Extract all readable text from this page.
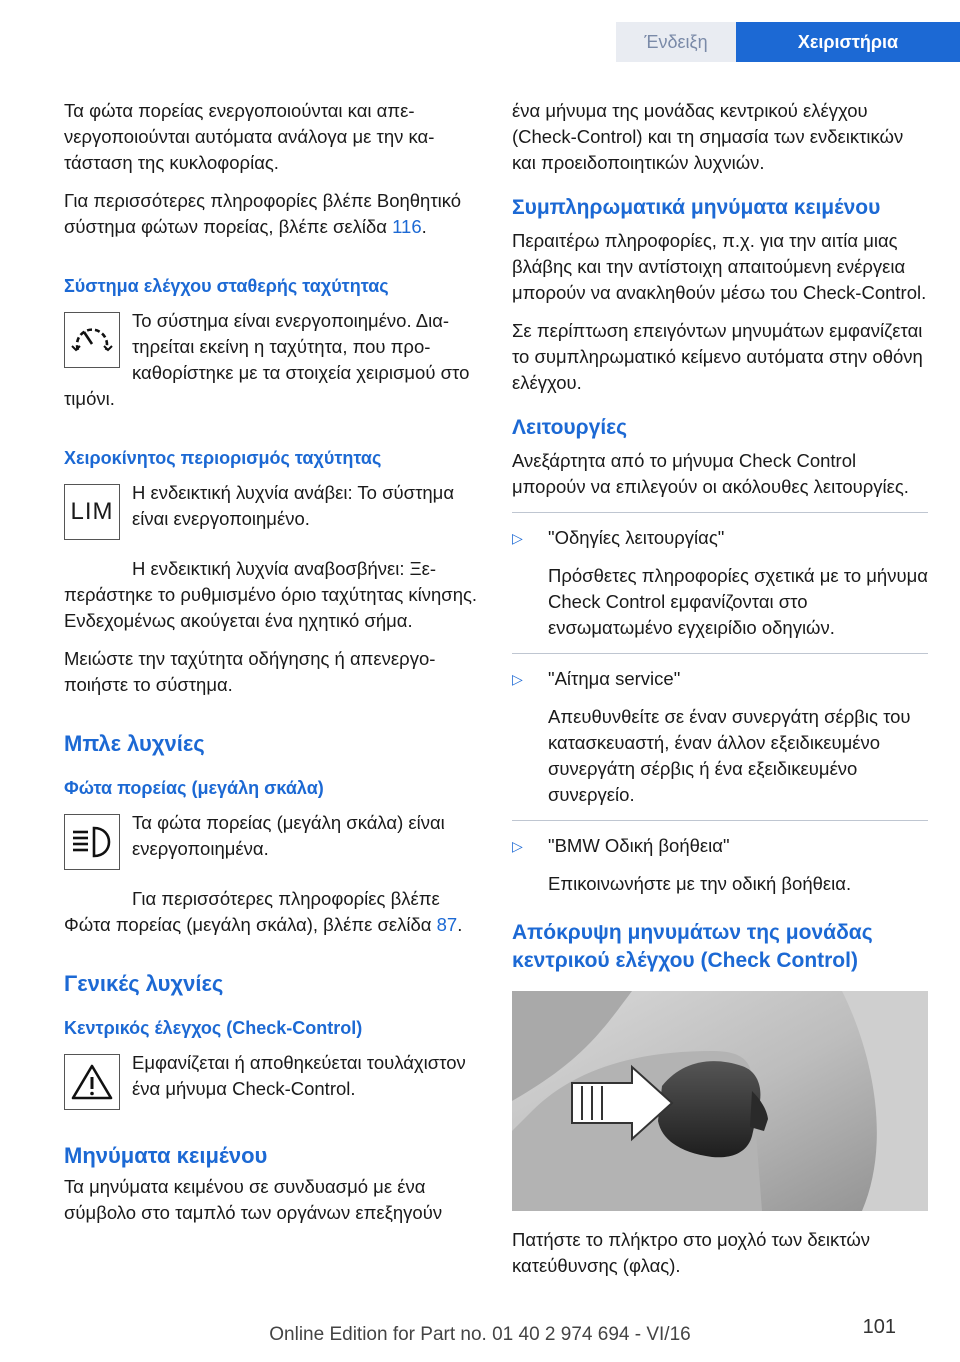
Ένδειξη	Χειριστήρια

Τα φώτα πορείας ενεργοποιούνται και απενεργοποιούνται αυτόματα ανάλογα με την κατάσταση της κυκλοφορίας.

Για περισσότερες πληροφορίες βλέπε Βοηθητικό σύστημα φώτων πορείας, βλέπε σελίδα 116.

Σύστημα ελέγχου σταθερής ταχύτητας
Το σύστημα είναι ενεργοποιημένο. Διατηρείται εκείνη η ταχύτητα, που προκαθορίστηκε με τα στοιχεία χειρισμού στο τιμόνι.
Χειροκίνητος περιορισμός ταχύτητας
LIM
Η ενδεικτική λυχνία ανάβει: Το σύστημα είναι ενεργοποιημένο.

Η ενδεικτική λυχνία αναβοσβήνει: Ξεπεράστηκε το ρυθμισμένο όριο ταχύτητας κίνησης. Ενδεχομένως ακούγεται ένα ηχητικό σήμα.

Μειώστε την ταχύτητα οδήγησης ή απενεργοποιήστε το σύστημα.

Μπλε λυχνίες
Φώτα πορείας (μεγάλη σκάλα)
Τα φώτα πορείας (μεγάλη σκάλα) είναι ενεργοποιημένα.

Για περισσότερες πληροφορίες βλέπε Φώτα πορείας (μεγάλη σκάλα), βλέπε σελίδα 87.

Γενικές λυχνίες
Κεντρικός έλεγχος (Check-Control)
Εμφανίζεται ή αποθηκεύεται τουλάχιστον ένα μήνυμα Check-Control.
Μηνύματα κειμένου

Τα μηνύματα κειμένου σε συνδυασμό με ένα σύμβολο στο ταμπλό των οργάνων επεξηγούν

ένα μήνυμα της μονάδας κεντρικού ελέγχου (Check-Control) και τη σημασία των ενδεικτικών και προειδοποιητικών λυχνιών.

Συμπληρωματικά μηνύματα κειμένου

Περαιτέρω πληροφορίες, π.χ. για την αιτία μιας βλάβης και την αντίστοιχη απαιτούμενη ενέργεια μπορούν να ανακληθούν μέσω του Check-Control.

Σε περίπτωση επειγόντων μηνυμάτων εμφανίζεται το συμπληρωματικό κείμενο αυτόματα στην οθόνη ελέγχου.

Λειτουργίες

Ανεξάρτητα από το μήνυμα Check Control μπορούν να επιλεγούν οι ακόλουθες λειτουργίες.

▷ "Οδηγίες λειτουργίας"
Πρόσθετες πληροφορίες σχετικά με το μήνυμα Check Control εμφανίζονται στο ενσωματωμένο εγχειρίδιο οδηγιών.
▷ "Αίτημα service"
Απευθυνθείτε σε έναν συνεργάτη σέρβις του κατασκευαστή, έναν άλλον εξειδικευμένο συνεργάτη σέρβις ή ένα εξειδικευμένο συνεργείο.
▷ "BMW Οδική βοήθεια"
Επικοινωνήστε με την οδική βοήθεια.
Απόκρυψη μηνυμάτων της μονάδας κεντρικού ελέγχου (Check Control)

Πατήστε το πλήκτρο στο μοχλό των δεικτών κατεύθυνσης (φλας).

101
Online Edition for Part no. 01 40 2 974 694 - VI/16
